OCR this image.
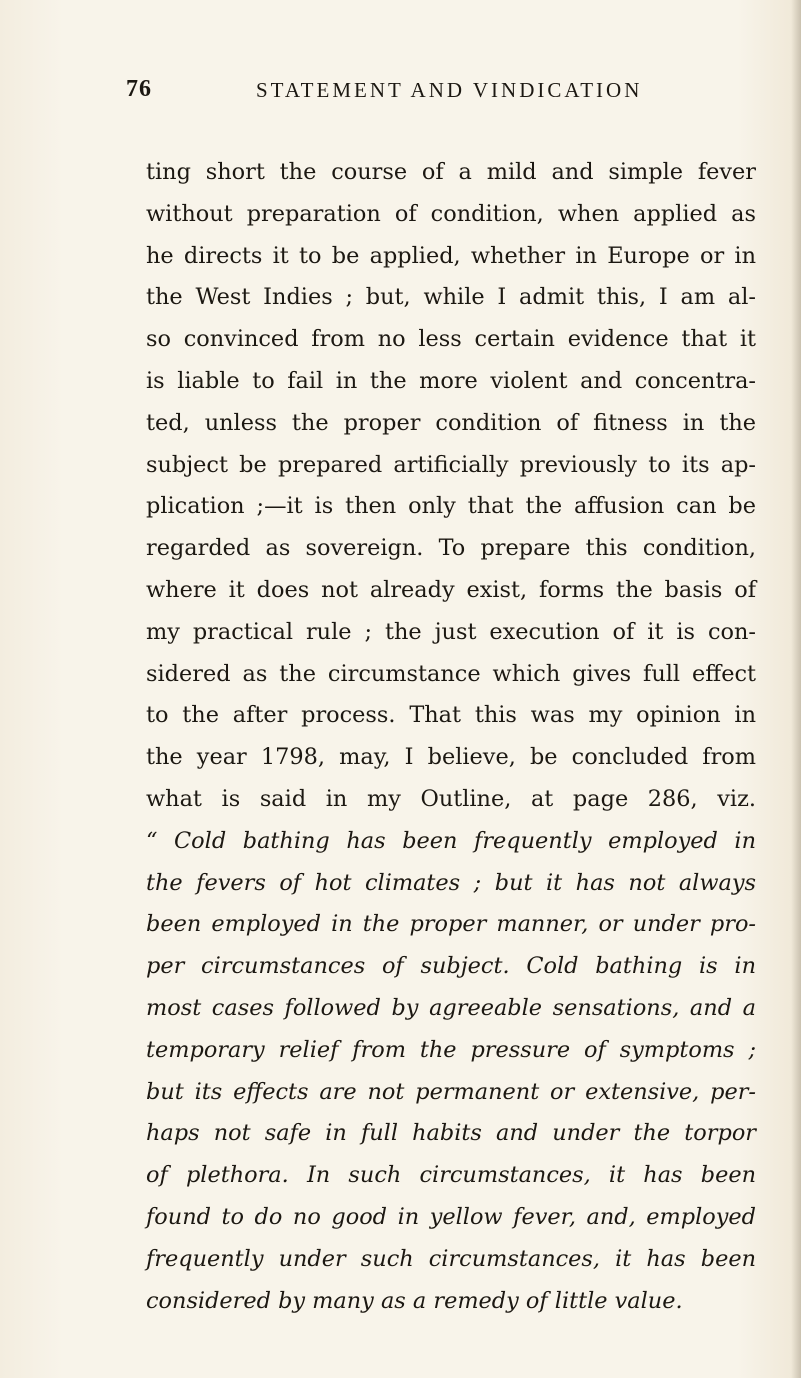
76	STATEMENT AND VINDICATION
ting short the course of a mild and simple fever
without preparation of condition, when applied as
he directs it to be applied, whether in Europe or in
the West Indies ; but, while I admit this, I am al-
so convinced from no less certain evidence that it
is liable to fail in the more violent and concentra-
ted, unless the proper condition of fitness in the
subject be prepared artificially previously to its ap-
plication ;—it is then only that the affusion can be
regarded as sovereign. To prepare this condition,
where it does not already exist, forms the basis of
my practical rule ; the just execution of it is con-
sidered as the circumstance which gives full effect
to the after process. That this was my opinion in
the year 1798, may, I believe, be concluded from
what is said in my Outline, at page 286, viz.
“ Cold bathing has been frequently employed in
the fevers of hot climates ; but it has not always
been employed in the proper manner, or under pro-
per circumstances of subject. Cold bathing is in
most cases followed by agreeable sensations, and a
temporary relief from the pressure of symptoms ;
but its effects are not permanent or extensive, per-
haps not safe in full habits and under the torpor
of plethora. In such circumstances, it has been
found to do no good in yellow fever, and, employed
frequently under such circumstances, it has been
considered by many as a remedy of little value.
